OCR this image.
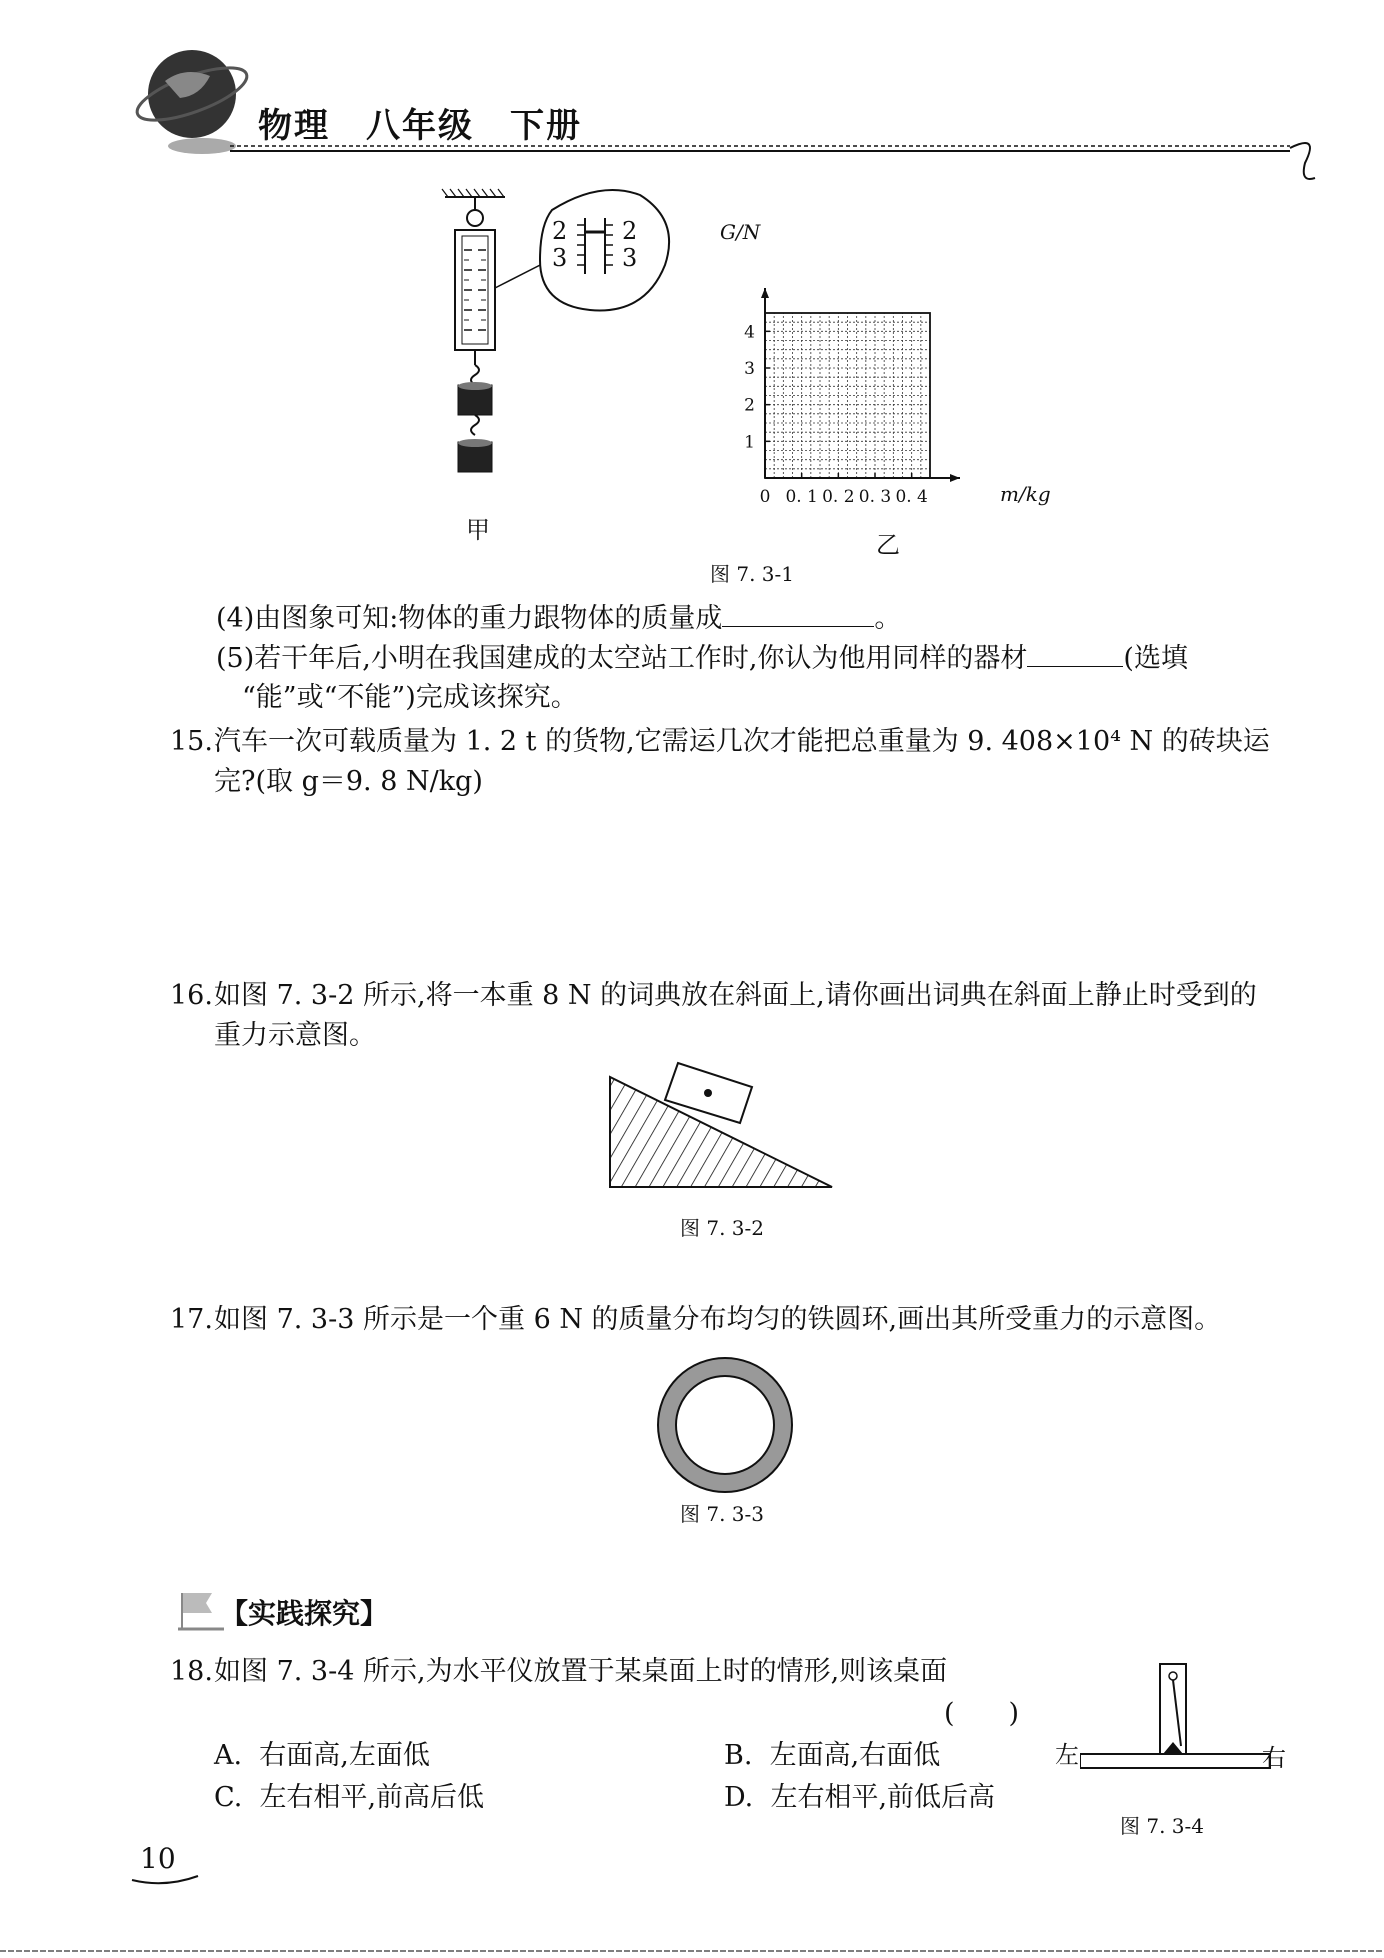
物理　八年级　下册
2
3
2
3
甲
0 0. 1 0. 2 0. 3 0. 4
1
2
3
4
G/N
m/kg
乙
图 7. 3-1
(4)由图象可知:物体的重力跟物体的质量成	。
(5)若干年后,小明在我国建成的太空站工作时,你认为他用同样的器材	(选填
“能”或“不能”)完成该探究。
15. 汽车一次可载质量为 1. 2 t 的货物,它需运几次才能把总重量为 9. 408×10⁴ N 的砖块运
完?(取 g＝9. 8 N/kg)
16. 如图 7. 3-2 所示,将一本重 8 N 的词典放在斜面上,请你画出词典在斜面上静止时受到的
重力示意图。
图 7. 3-2
17. 如图 7. 3-3 所示是一个重 6 N 的质量分布均匀的铁圆环,画出其所受重力的示意图。
图 7. 3-3
【实践探究】
18. 如图 7. 3-4 所示,为水平仪放置于某桌面上时的情形,则该桌面
(　　)
A. 右面高,左面低	B. 左面高,右面低
C. 左右相平,前高后低	D. 左右相平,前低后高
左	右
图 7. 3-4
10
